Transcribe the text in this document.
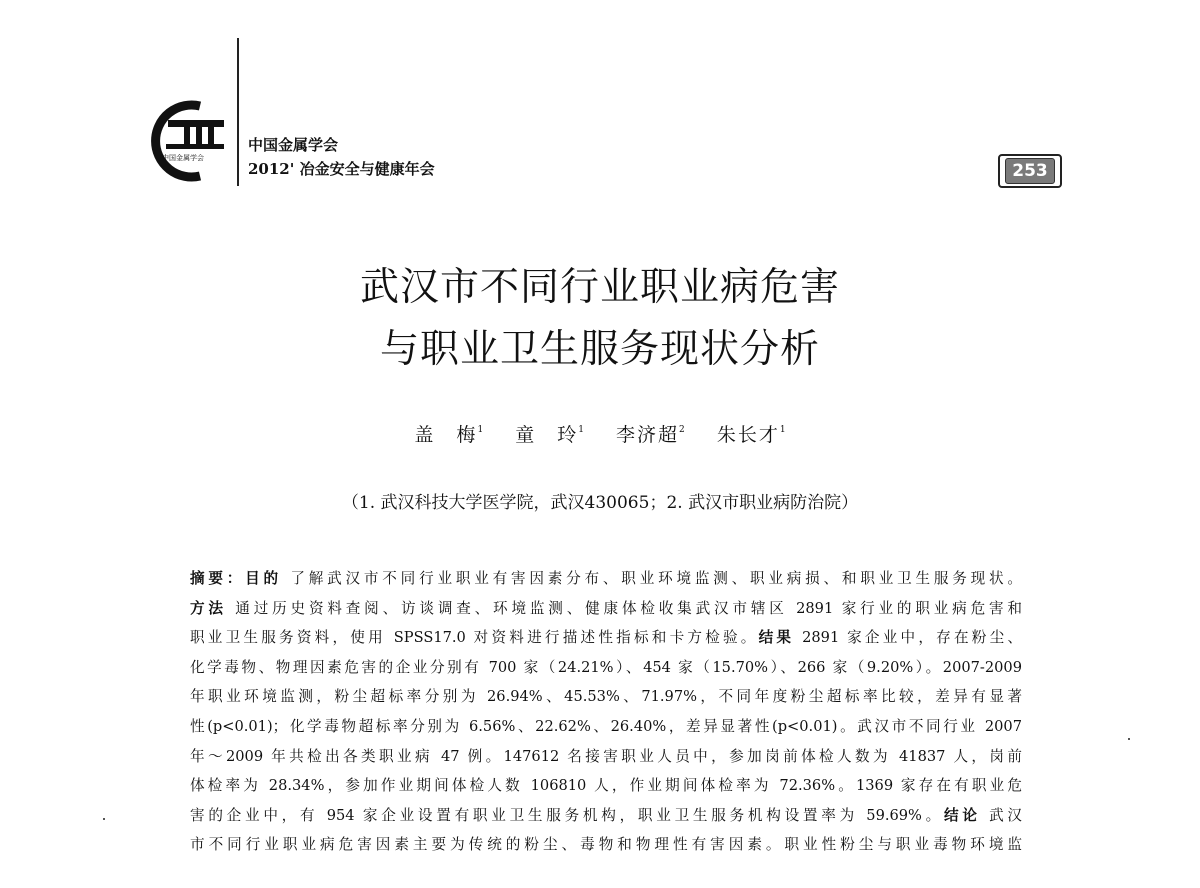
中国金属学会
中国金属学会
2012' 冶金安全与健康年会	253
武汉市不同行业职业病危害
与职业卫生服务现状分析
盖　梅$^1$ 童　玲$^1$ 李济超$^2$ 朱长才$^1$
（1. 武汉科技大学医学院，武汉430065；2. 武汉市职业病防治院）
摘要：目的 了解武汉市不同行业职业有害因素分布、职业环境监测、职业病损、和职业卫生服务现状。
方法 通过历史资料查阅、访谈调查、环境监测、健康体检收集武汉市辖区 2891 家行业的职业病危害和
职业卫生服务资料，使用 SPSS17.0 对资料进行描述性指标和卡方检验。结果 2891 家企业中，存在粉尘、
化学毒物、物理因素危害的企业分别有 700 家（24.21%）、454 家（15.70%）、266 家（9.20%）。2007-2009
年职业环境监测，粉尘超标率分别为 26.94%、45.53%、71.97%，不同年度粉尘超标率比较，差异有显著
性(p<0.01)；化学毒物超标率分别为 6.56%、22.62%、26.40%，差异显著性(p<0.01)。武汉市不同行业 2007
年～2009 年共检出各类职业病 47 例。147612 名接害职业人员中，参加岗前体检人数为 41837 人，岗前
体检率为 28.34%，参加作业期间体检人数 106810 人，作业期间体检率为 72.36%。1369 家存在有职业危
害的企业中，有 954 家企业设置有职业卫生服务机构，职业卫生服务机构设置率为 59.69%。结论 武汉
市不同行业职业病危害因素主要为传统的粉尘、毒物和物理性有害因素。职业性粉尘与职业毒物环境监
